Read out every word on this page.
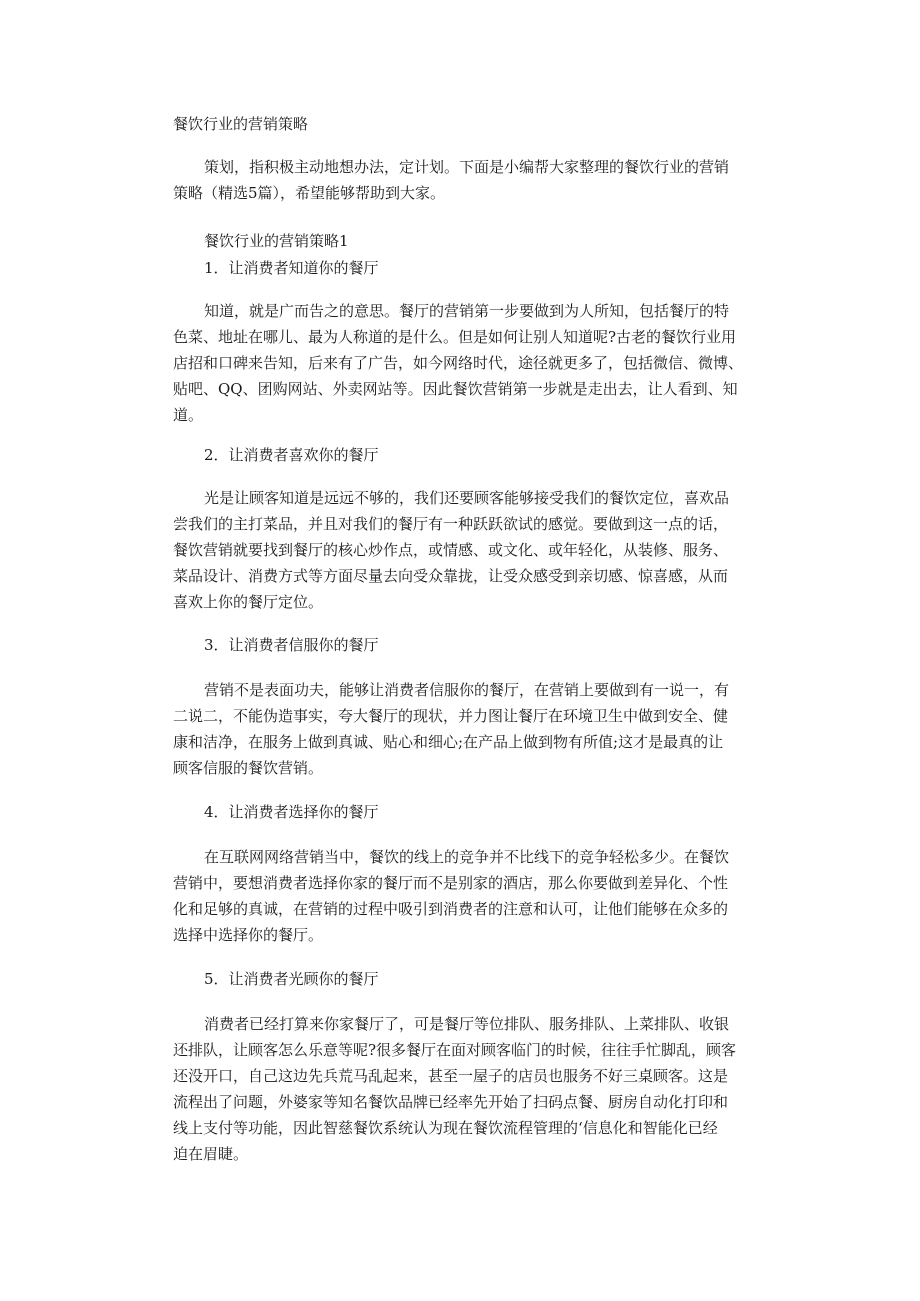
餐饮行业的营销策略
策划，指积极主动地想办法，定计划。下面是小编帮大家整理的餐饮行业的营销
策略（精选5篇），希望能够帮助到大家。
餐饮行业的营销策略1
1．让消费者知道你的餐厅
知道，就是广而告之的意思。餐厅的营销第一步要做到为人所知，包括餐厅的特
色菜、地址在哪儿、最为人称道的是什么。但是如何让别人知道呢?古老的餐饮行业用
店招和口碑来告知，后来有了广告，如今网络时代，途径就更多了，包括微信、微博、
贴吧、QQ、团购网站、外卖网站等。因此餐饮营销第一步就是走出去，让人看到、知
道。
2．让消费者喜欢你的餐厅
光是让顾客知道是远远不够的，我们还要顾客能够接受我们的餐饮定位，喜欢品
尝我们的主打菜品，并且对我们的餐厅有一种跃跃欲试的感觉。要做到这一点的话，
餐饮营销就要找到餐厅的核心炒作点，或情感、或文化、或年轻化，从装修、服务、
菜品设计、消费方式等方面尽量去向受众靠拢，让受众感受到亲切感、惊喜感，从而
喜欢上你的餐厅定位。
3．让消费者信服你的餐厅
营销不是表面功夫，能够让消费者信服你的餐厅，在营销上要做到有一说一，有
二说二，不能伪造事实，夸大餐厅的现状，并力图让餐厅在环境卫生中做到安全、健
康和洁净，在服务上做到真诚、贴心和细心;在产品上做到物有所值;这才是最真的让
顾客信服的餐饮营销。
4．让消费者选择你的餐厅
在互联网网络营销当中，餐饮的线上的竞争并不比线下的竞争轻松多少。在餐饮
营销中，要想消费者选择你家的餐厅而不是别家的酒店，那么你要做到差异化、个性
化和足够的真诚，在营销的过程中吸引到消费者的注意和认可，让他们能够在众多的
选择中选择你的餐厅。
5．让消费者光顾你的餐厅
消费者已经打算来你家餐厅了，可是餐厅等位排队、服务排队、上菜排队、收银
还排队，让顾客怎么乐意等呢?很多餐厅在面对顾客临门的时候，往往手忙脚乱，顾客
还没开口，自己这边先兵荒马乱起来，甚至一屋子的店员也服务不好三桌顾客。这是
流程出了问题，外婆家等知名餐饮品牌已经率先开始了扫码点餐、厨房自动化打印和
线上支付等功能，因此智慈餐饮系统认为现在餐饮流程管理的‘信息化和智能化已经
迫在眉睫。
